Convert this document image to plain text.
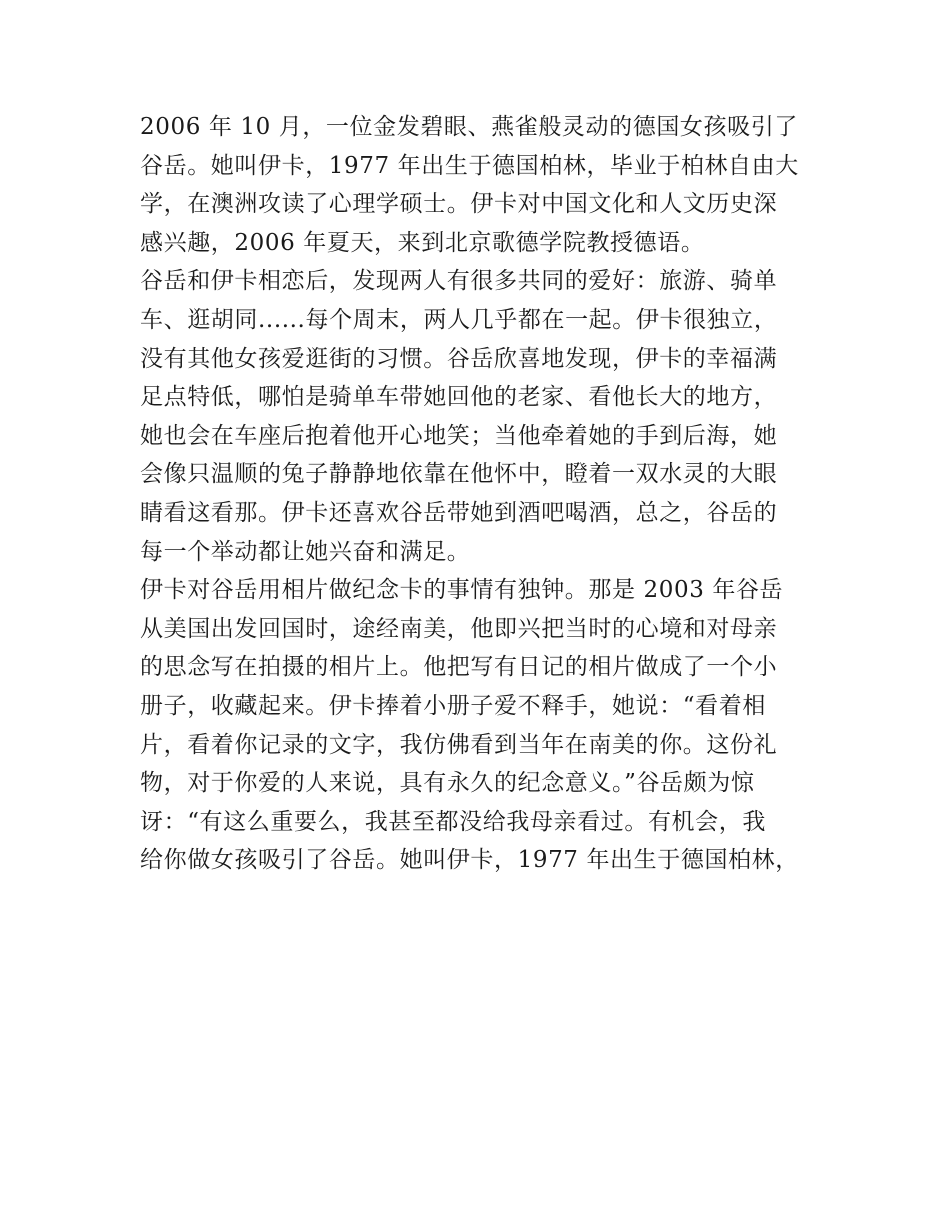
2006 年 10 月，一位金发碧眼、燕雀般灵动的德国女孩吸引了
谷岳。她叫伊卡，1977 年出生于德国柏林，毕业于柏林自由大
学，在澳洲攻读了心理学硕士。伊卡对中国文化和人文历史深
感兴趣，2006 年夏天，来到北京歌德学院教授德语。
谷岳和伊卡相恋后，发现两人有很多共同的爱好：旅游、骑单
车、逛胡同......每个周末，两人几乎都在一起。伊卡很独立，
没有其他女孩爱逛街的习惯。谷岳欣喜地发现，伊卡的幸福满
足点特低，哪怕是骑单车带她回他的老家、看他长大的地方，
她也会在车座后抱着他开心地笑；当他牵着她的手到后海，她
会像只温顺的兔子静静地依靠在他怀中，瞪着一双水灵的大眼
睛看这看那。伊卡还喜欢谷岳带她到酒吧喝酒，总之，谷岳的
每一个举动都让她兴奋和满足。
伊卡对谷岳用相片做纪念卡的事情有独钟。那是 2003 年谷岳
从美国出发回国时，途经南美，他即兴把当时的心境和对母亲
的思念写在拍摄的相片上。他把写有日记的相片做成了一个小
册子，收藏起来。伊卡捧着小册子爱不释手，她说：“看着相
片，看着你记录的文字，我仿佛看到当年在南美的你。这份礼
物，对于你爱的人来说，具有永久的纪念意义。”谷岳颇为惊
讶：“有这么重要么，我甚至都没给我母亲看过。有机会，我
给你做女孩吸引了谷岳。她叫伊卡，1977 年出生于德国柏林，
